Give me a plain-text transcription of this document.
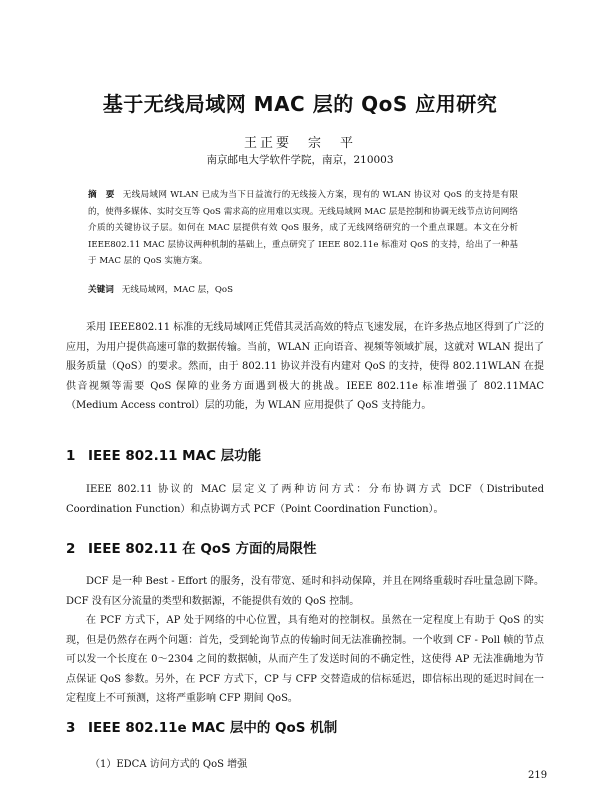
基于无线局域网 MAC 层的 QoS 应用研究
王正要　宗　平
南京邮电大学软件学院，南京，210003
摘　要 无线局域网 WLAN 已成为当下日益流行的无线接入方案，现有的 WLAN 协议对 QoS 的支持是有限的，使得多媒体、实时交互等 QoS 需求高的应用难以实现。无线局域网 MAC 层是控制和协调无线节点访问网络介质的关键协议子层。如何在 MAC 层提供有效 QoS 服务，成了无线网络研究的一个重点课题。本文在分析 IEEE802.11 MAC 层协议两种机制的基础上，重点研究了 IEEE 802.11e 标准对 QoS 的支持，给出了一种基于 MAC 层的 QoS 实施方案。
关键词 无线局域网，MAC 层，QoS
采用 IEEE802.11 标准的无线局域网正凭借其灵活高效的特点飞速发展，在许多热点地区得到了广泛的应用，为用户提供高速可靠的数据传输。当前，WLAN 正向语音、视频等领域扩展，这就对 WLAN 提出了服务质量（QoS）的要求。然而，由于 802.11 协议并没有内建对 QoS 的支持，使得 802.11WLAN 在提供音视频等需要 QoS 保障的业务方面遇到极大的挑战。IEEE 802.11e 标准增强了 802.11MAC（Medium Access control）层的功能，为 WLAN 应用提供了 QoS 支持能力。
1 IEEE 802.11 MAC 层功能
IEEE 802.11 协议的 MAC 层定义了两种访问方式：分布协调方式 DCF（Distributed Coordination Function）和点协调方式 PCF（Point Coordination Function）。
2 IEEE 802.11 在 QoS 方面的局限性
DCF 是一种 Best - Effort 的服务，没有带宽、延时和抖动保障，并且在网络重载时吞吐量急剧下降。DCF 没有区分流量的类型和数据源，不能提供有效的 QoS 控制。
在 PCF 方式下，AP 处于网络的中心位置，具有绝对的控制权。虽然在一定程度上有助于 QoS 的实现，但是仍然存在两个问题：首先，受到轮询节点的传输时间无法准确控制。一个收到 CF - Poll 帧的节点可以发一个长度在 0～2304 之间的数据帧，从而产生了发送时间的不确定性，这使得 AP 无法准确地为节点保证 QoS 参数。另外，在 PCF 方式下，CP 与 CFP 交替造成的信标延迟，即信标出现的延迟时间在一定程度上不可预测，这将严重影响 CFP 期间 QoS。
3 IEEE 802.11e MAC 层中的 QoS 机制
（1）EDCA 访问方式的 QoS 增强
219
